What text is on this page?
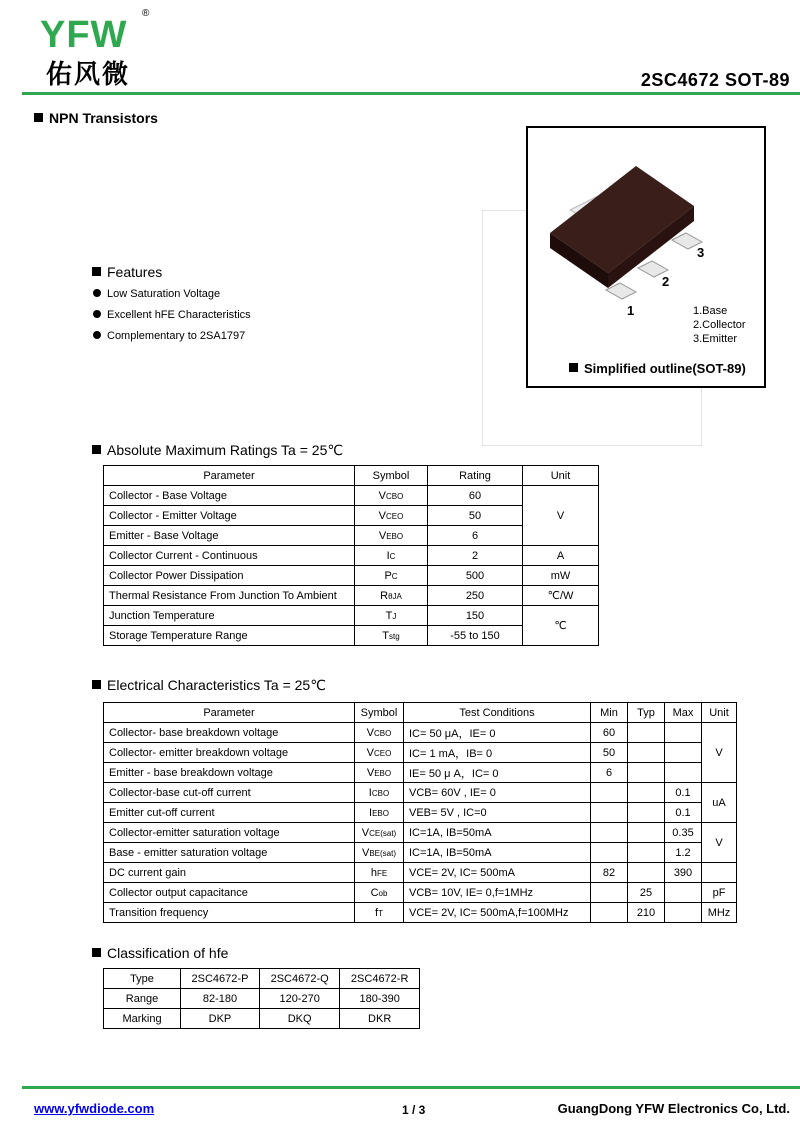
YFW
®
佑风微	2SC4672 SOT-89
NPN Transistors
1
2
3
1.Base
2.Collector
3.Emitter
Simplified outline(SOT-89)
Features
Low Saturation Voltage
Excellent hFE Characteristics
Complementary to 2SA1797
Absolute Maximum Ratings Ta = 25℃
Parameter	Symbol	Rating	Unit
Collector - Base Voltage	VCBO	60	V
Collector - Emitter Voltage	VCEO	50	
Emitter - Base Voltage	VEBO	6	
Collector Current - Continuous	IC	2	A
Collector Power Dissipation	PC	500	mW
Thermal Resistance From Junction To Ambient	RθJA	250	℃/W
Junction Temperature	TJ	150	℃
Storage Temperature Range	Tstg	-55 to 150	
Electrical Characteristics Ta = 25℃
Parameter	Symbol	Test Conditions	Min	Typ	Max	Unit
Collector- base breakdown voltage	VCBO	IC= 50 μA，IE= 0	60			V
Collector- emitter breakdown voltage	VCEO	IC= 1 mA，IB= 0	50			
Emitter - base breakdown voltage	VEBO	IE= 50 μ A，IC= 0	6			
Collector-base cut-off current	ICBO	VCB= 60V , IE= 0			0.1	uA
Emitter cut-off current	IEBO	VEB= 5V , IC=0			0.1	
Collector-emitter saturation voltage	VCE(sat)	IC=1A, IB=50mA			0.35	V
Base - emitter saturation voltage	VBE(sat)	IC=1A, IB=50mA			1.2	
DC current gain	hFE	VCE= 2V, IC= 500mA	82		390	
Collector output capacitance	Cob	VCB= 10V, IE= 0,f=1MHz		25		pF
Transition frequency	fT	VCE= 2V, IC= 500mA,f=100MHz		210		MHz
Classification of hfe
Type	2SC4672-P	2SC4672-Q	2SC4672-R
Range	82-180	120-270	180-390
Marking	DKP	DKQ	DKR
www.yfwdiode.com	1 / 3	GuangDong YFW Electronics Co, Ltd.
